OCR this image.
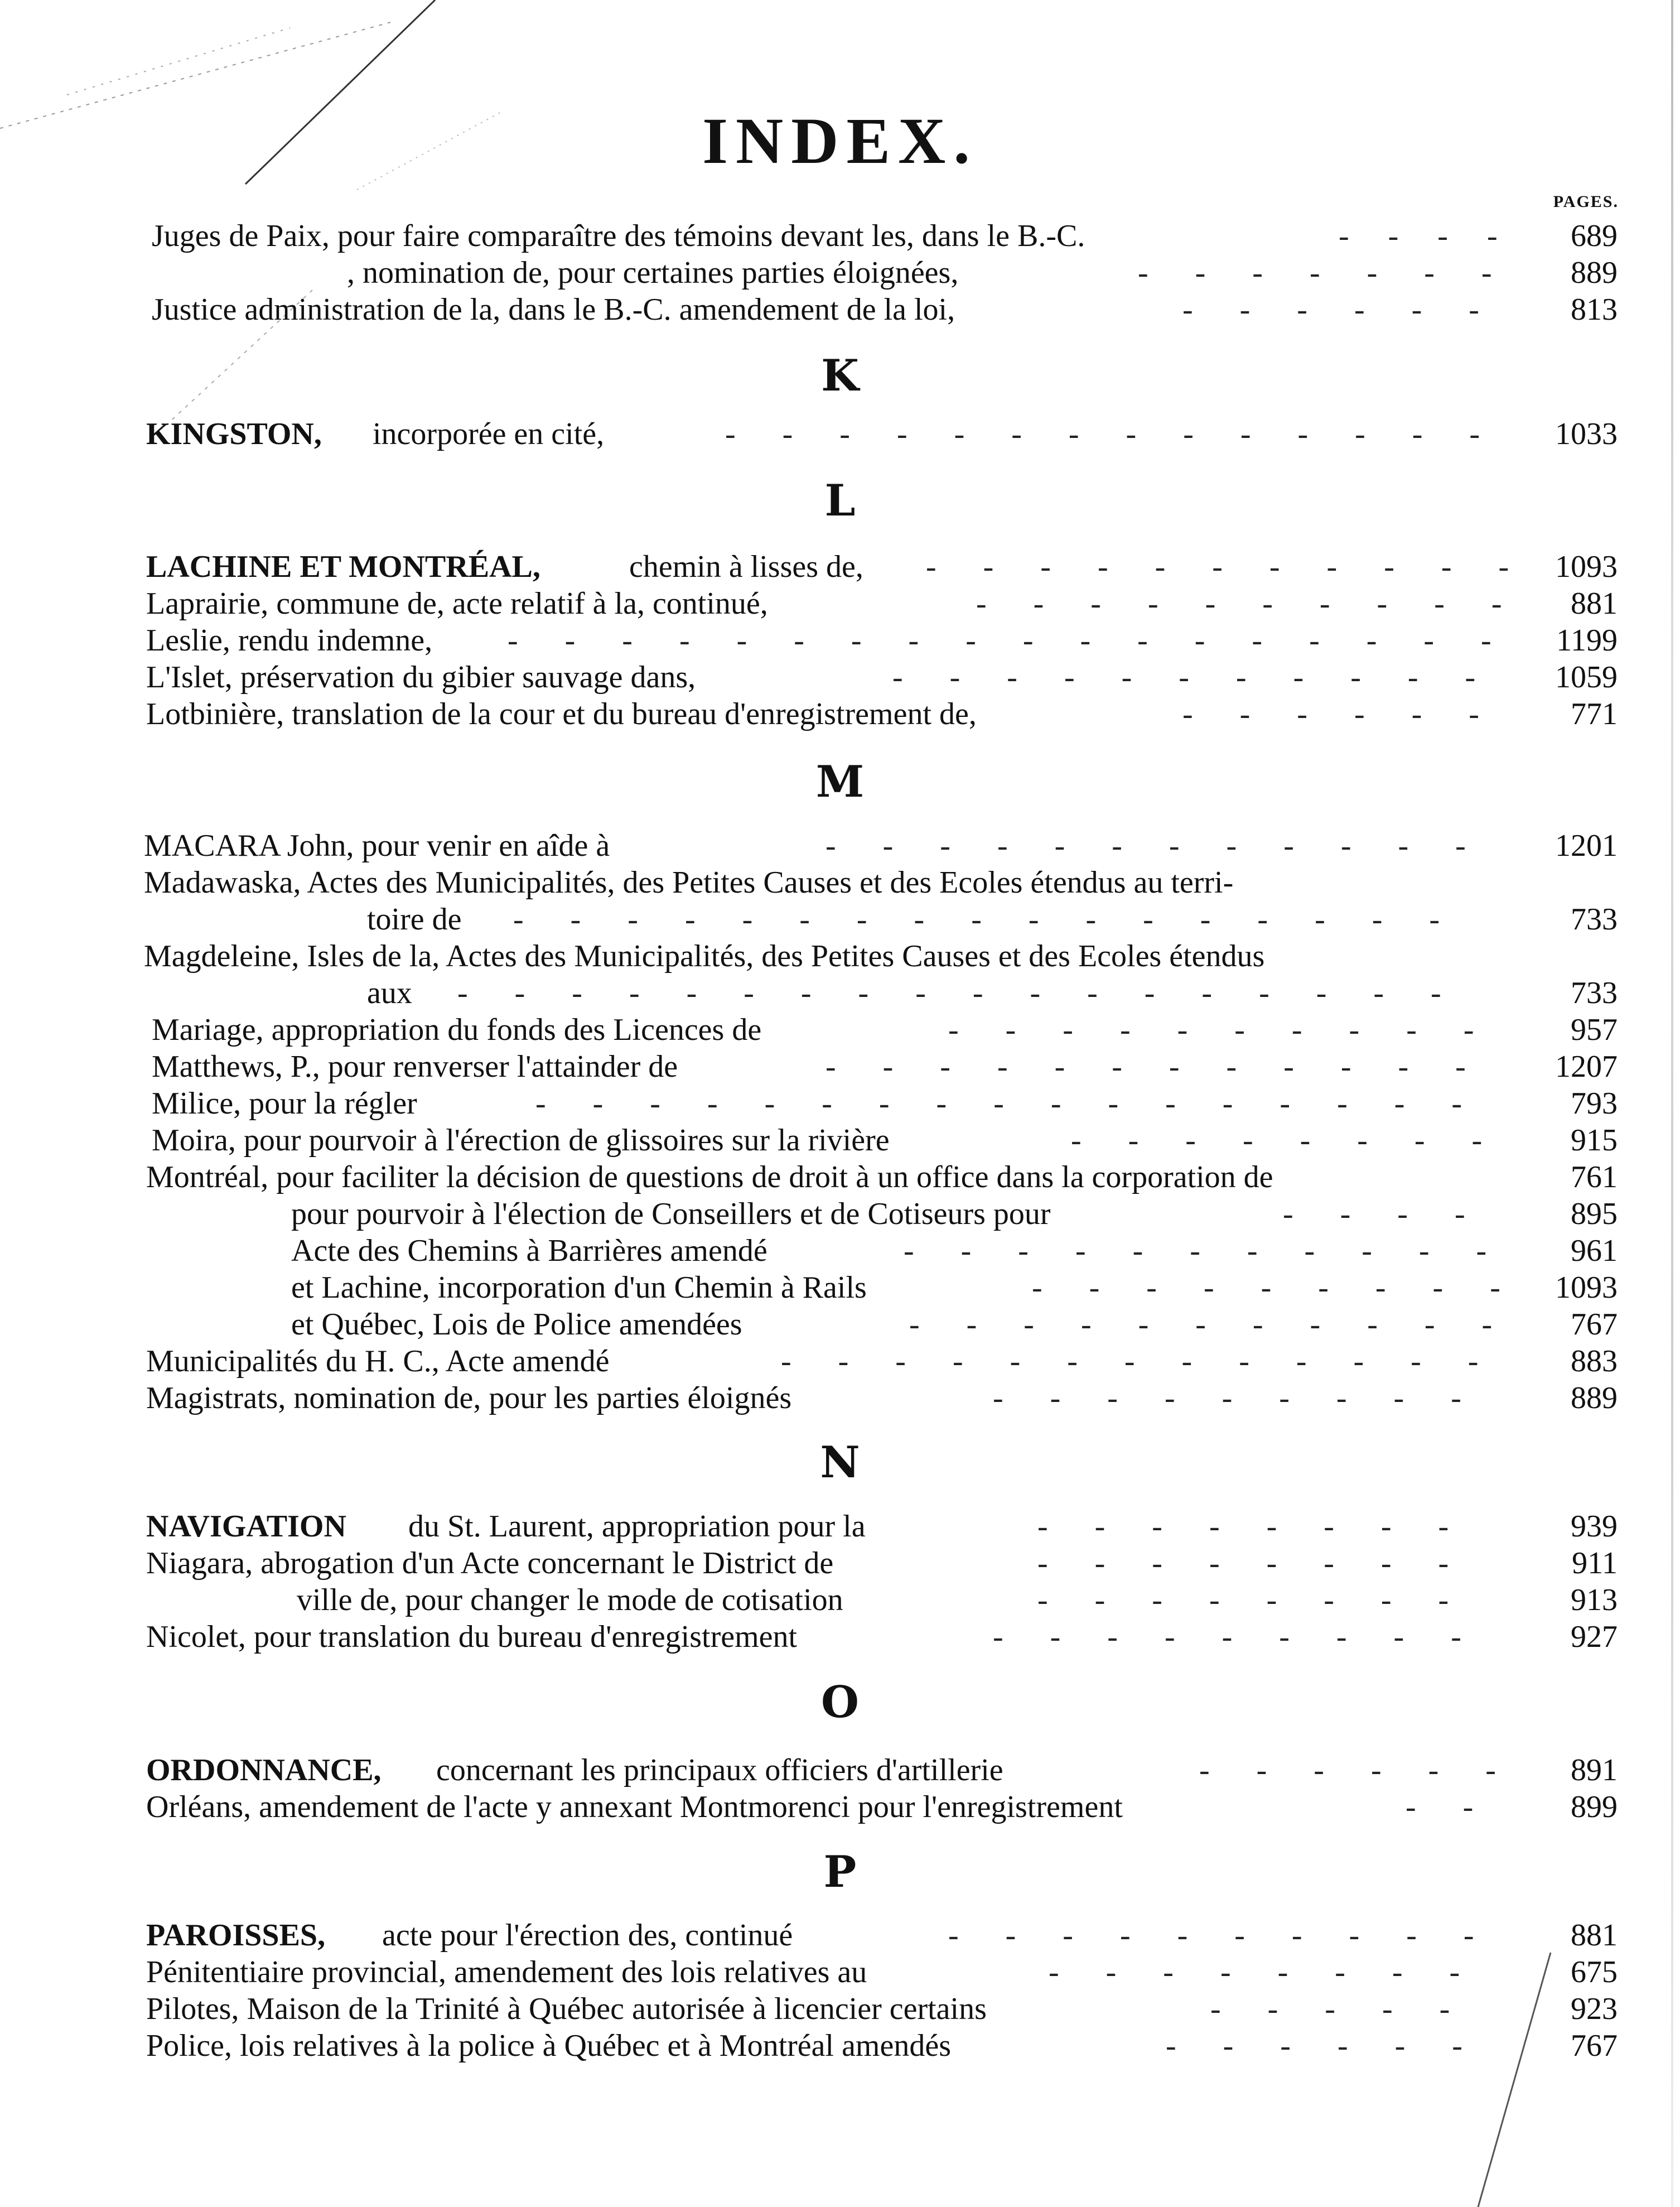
INDEX.
PAGES.
Juges de Paix, pour faire comparaître des témoins devant les, dans le B.-C.	-     -     -     -	689
, nomination de, pour certaines parties éloignées,	-      -      -      -      -      -      -	889
Justice administration de la, dans le B.-C. amendement de la loi,	-      -      -      -      -      -	813
K
KINGSTON, incorporée en cité,	-      -      -      -      -      -      -      -      -      -      -      -      -      -	1033
L
LACHINE ET MONTRÉAL,	chemin à lisses de, -      -      -      -      -      -      -      -      -      -      - 1093
Laprairie, commune de, acte relatif à la, continué,	-      -      -      -      -      -      -      -      -      -	881
Leslie, rendu indemne, -      -      -      -      -      -      -      -      -      -      -      -      -      -      -      -      -      -	1199
L'Islet, préservation du gibier sauvage dans,	-      -      -      -      -      -      -      -      -      -      -	1059
Lotbinière, translation de la cour et du bureau d'enregistrement de,	-      -      -      -      -      -	771
M
MACARA John, pour venir en aîde à	-      -      -      -      -      -      -      -      -      -      -      -	1201
Madawaska, Actes des Municipalités, des Petites Causes et des Ecoles étendus au terri-
toire de -      -      -      -      -      -      -      -      -      -      -      -      -      -      -      -      -	733
Magdeleine, Isles de la, Actes des Municipalités, des Petites Causes et des Ecoles étendus
aux -      -      -      -      -      -      -      -      -      -      -      -      -      -      -      -      -      -	733
Mariage, appropriation du fonds des Licences de	-      -      -      -      -      -      -      -      -      -	957
Matthews, P., pour renverser l'attainder de	-      -      -      -      -      -      -      -      -      -      -      -	1207
Milice, pour la régler	-      -      -      -      -      -      -      -      -      -      -      -      -      -      -      -      -	793
Moira, pour pourvoir à l'érection de glissoires sur la rivière	-      -      -      -      -      -      -      -	915
Montréal, pour faciliter la décision de questions de droit à un office dans la corporation de	761
pour pourvoir à l'élection de Conseillers et de Cotiseurs pour	-      -      -      -	895
Acte des Chemins à Barrières amendé	-      -      -      -      -      -      -      -      -      -      -	961
et Lachine, incorporation d'un Chemin à Rails	-      -      -      -      -      -      -      -      -	1093
et Québec, Lois de Police amendées	-      -      -      -      -      -      -      -      -      -      -	767
Municipalités du H. C., Acte amendé	-      -      -      -      -      -      -      -      -      -      -      -      -	883
Magistrats, nomination de, pour les parties éloignés	-      -      -      -      -      -      -      -      -	889
N
NAVIGATION du St. Laurent, appropriation pour la	-      -      -      -      -      -      -      -	939
Niagara, abrogation d'un Acte concernant le District de	-      -      -      -      -      -      -      -	911
ville de, pour changer le mode de cotisation	-      -      -      -      -      -      -      -	913
Nicolet, pour translation du bureau d'enregistrement	-      -      -      -      -      -      -      -      -	927
O
ORDONNANCE, concernant les principaux officiers d'artillerie	-      -      -      -      -      -	891
Orléans, amendement de l'acte y annexant Montmorenci pour l'enregistrement	-      -	899
P
PAROISSES, acte pour l'érection des, continué	-      -      -      -      -      -      -      -      -      -	881
Pénitentiaire provincial, amendement des lois relatives au	-      -      -      -      -      -      -      -	675
Pilotes, Maison de la Trinité à Québec autorisée à licencier certains	-      -      -      -      -	923
Police, lois relatives à la police à Québec et à Montréal amendés	-      -      -      -      -      -	767
